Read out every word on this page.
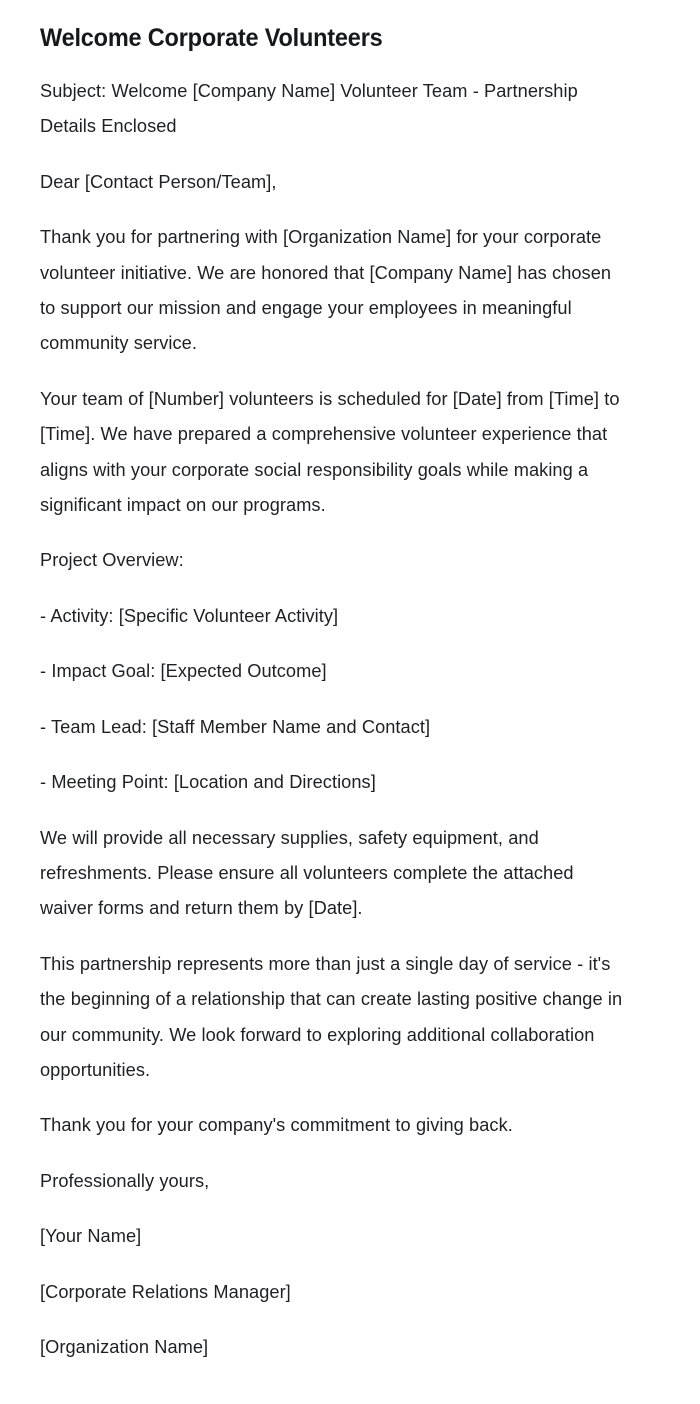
Welcome Corporate Volunteers

Subject: Welcome [Company Name] Volunteer Team - Partnership Details Enclosed

Dear [Contact Person/Team],

Thank you for partnering with [Organization Name] for your corporate volunteer initiative. We are honored that [Company Name] has chosen to support our mission and engage your employees in meaningful community service.

Your team of [Number] volunteers is scheduled for [Date] from [Time] to [Time]. We have prepared a comprehensive volunteer experience that aligns with your corporate social responsibility goals while making a significant impact on our programs.

Project Overview:

- Activity: [Specific Volunteer Activity]

- Impact Goal: [Expected Outcome]

- Team Lead: [Staff Member Name and Contact]

- Meeting Point: [Location and Directions]

We will provide all necessary supplies, safety equipment, and refreshments. Please ensure all volunteers complete the attached waiver forms and return them by [Date].

This partnership represents more than just a single day of service - it's the beginning of a relationship that can create lasting positive change in our community. We look forward to exploring additional collaboration opportunities.

Thank you for your company's commitment to giving back.

Professionally yours,

[Your Name]

[Corporate Relations Manager]

[Organization Name]
